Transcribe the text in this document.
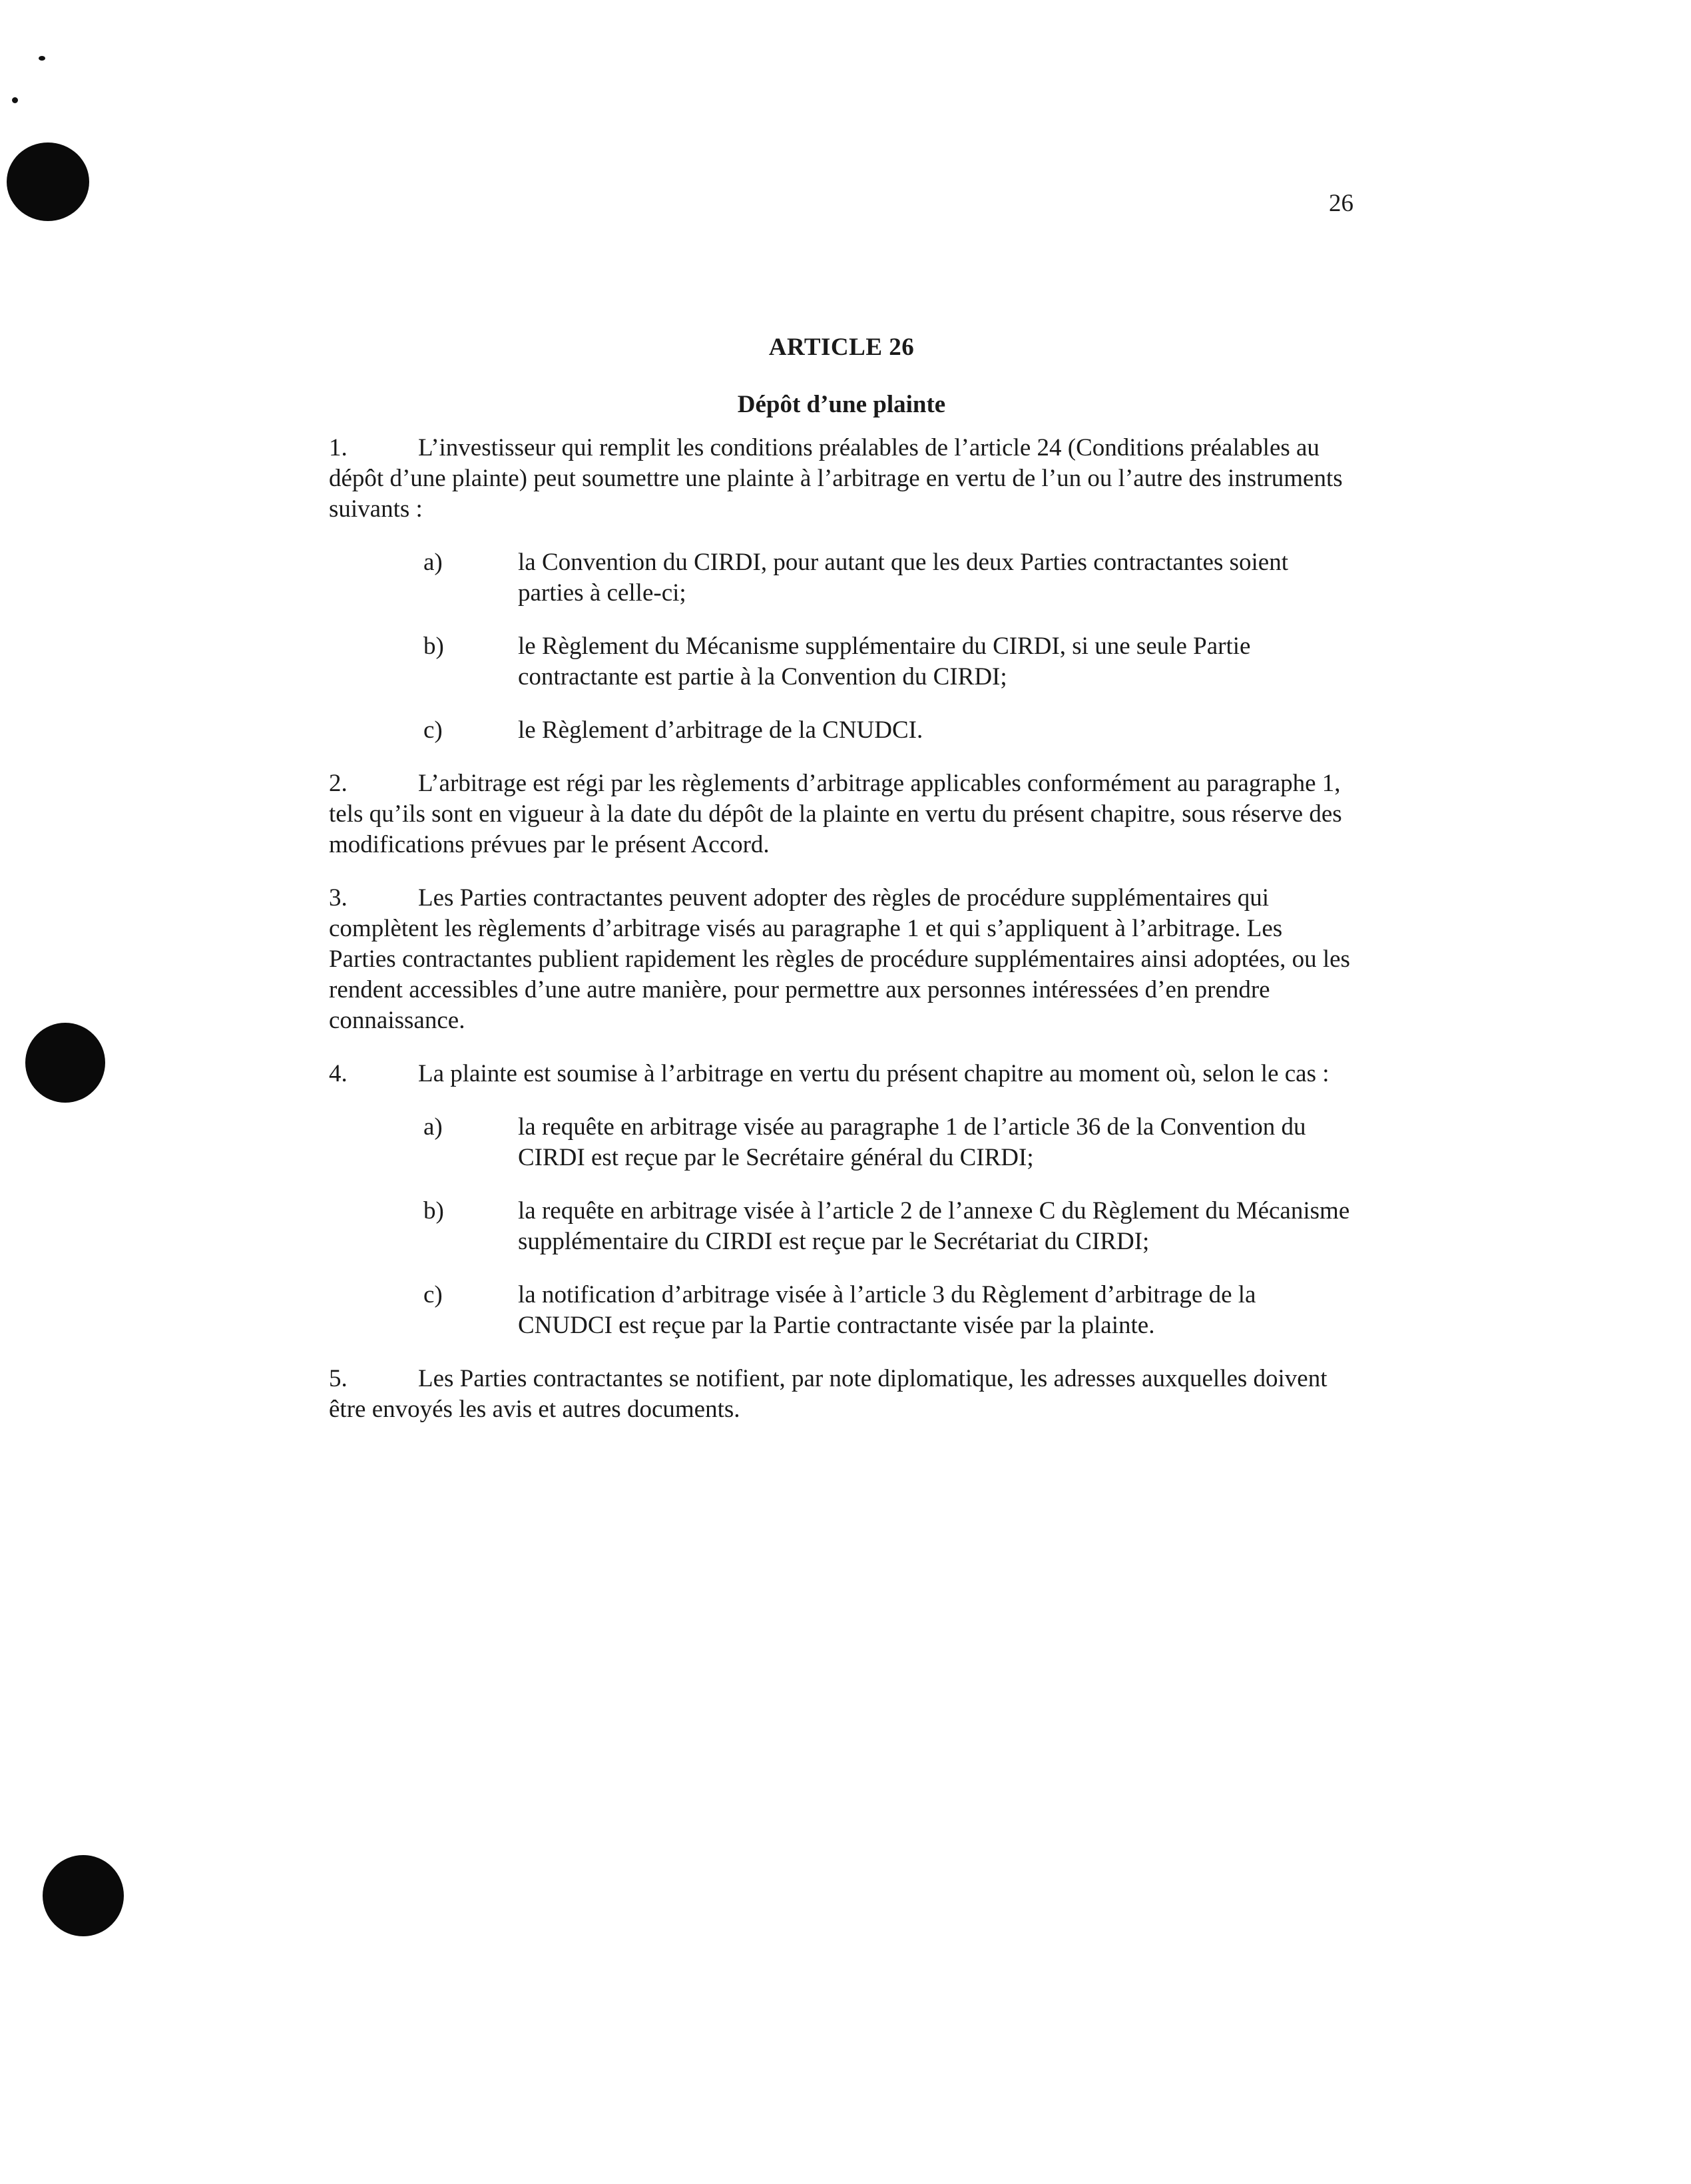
26
ARTICLE 26
Dépôt d’une plainte

1.	L’investisseur qui remplit les conditions préalables de l’article 24 (Conditions préalables au dépôt d’une plainte) peut soumettre une plainte à l’arbitrage en vertu de l’un ou l’autre des instruments suivants :

a)	la Convention du CIRDI, pour autant que les deux Parties contractantes soient parties à celle-ci;
b)	le Règlement du Mécanisme supplémentaire du CIRDI, si une seule Partie contractante est partie à la Convention du CIRDI;
c)	le Règlement d’arbitrage de la CNUDCI.

2.	L’arbitrage est régi par les règlements d’arbitrage applicables conformément au paragraphe 1, tels qu’ils sont en vigueur à la date du dépôt de la plainte en vertu du présent chapitre, sous réserve des modifications prévues par le présent Accord.

3.	Les Parties contractantes peuvent adopter des règles de procédure supplémentaires qui complètent les règlements d’arbitrage visés au paragraphe 1 et qui s’appliquent à l’arbitrage. Les Parties contractantes publient rapidement les règles de procédure supplémentaires ainsi adoptées, ou les rendent accessibles d’une autre manière, pour permettre aux personnes intéressées d’en prendre connaissance.

4.	La plainte est soumise à l’arbitrage en vertu du présent chapitre au moment où, selon le cas :

a)	la requête en arbitrage visée au paragraphe 1 de l’article 36 de la Convention du CIRDI est reçue par le Secrétaire général du CIRDI;
b)	la requête en arbitrage visée à l’article 2 de l’annexe C du Règlement du Mécanisme supplémentaire du CIRDI est reçue par le Secrétariat du CIRDI;
c)	la notification d’arbitrage visée à l’article 3 du Règlement d’arbitrage de la CNUDCI est reçue par la Partie contractante visée par la plainte.

5.	Les Parties contractantes se notifient, par note diplomatique, les adresses auxquelles doivent être envoyés les avis et autres documents.
